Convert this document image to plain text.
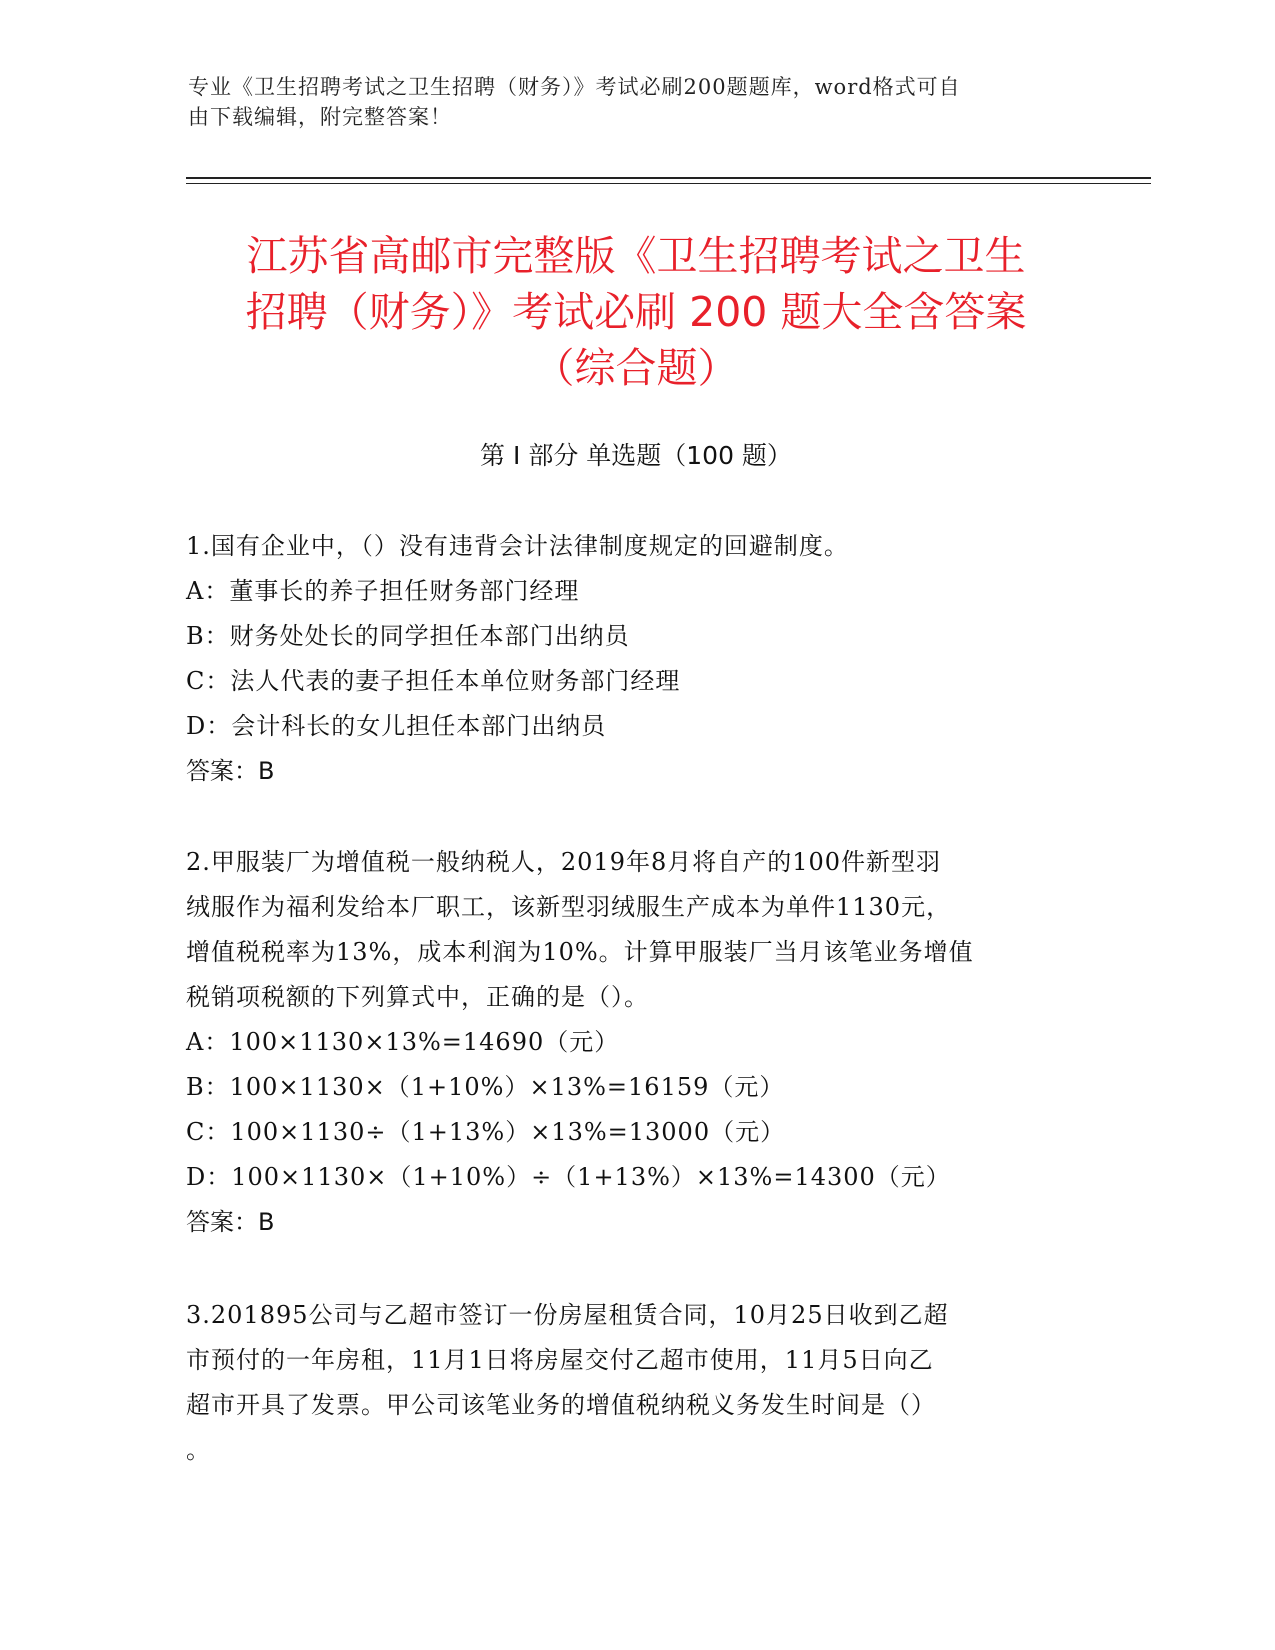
专业《卫生招聘考试之卫生招聘（财务）》考试必刷200题题库，word格式可自
由下载编辑，附完整答案！
江苏省高邮市完整版《卫生招聘考试之卫生
招聘（财务）》考试必刷 200 题大全含答案
（综合题）
第 I 部分 单选题（100 题）
1.国有企业中，（）没有违背会计法律制度规定的回避制度。
A：董事长的养子担任财务部门经理
B：财务处处长的同学担任本部门出纳员
C：法人代表的妻子担任本单位财务部门经理
D：会计科长的女儿担任本部门出纳员
答案：B
2.甲服装厂为增值税一般纳税人，2019年8月将自产的100件新型羽
绒服作为福利发给本厂职工，该新型羽绒服生产成本为单件1130元，
增值税税率为13%，成本利润为10%。计算甲服装厂当月该笔业务增值
税销项税额的下列算式中，正确的是（）。
A：100×1130×13%=14690（元）
B：100×1130×（1+10%）×13%=16159（元）
C：100×1130÷（1+13%）×13%=13000（元）
D：100×1130×（1+10%）÷（1+13%）×13%=14300（元）
答案：B
3.201895公司与乙超市签订一份房屋租赁合同，10月25日收到乙超
市预付的一年房租，11月1日将房屋交付乙超市使用，11月5日向乙
超市开具了发票。甲公司该笔业务的增值税纳税义务发生时间是（）
。
